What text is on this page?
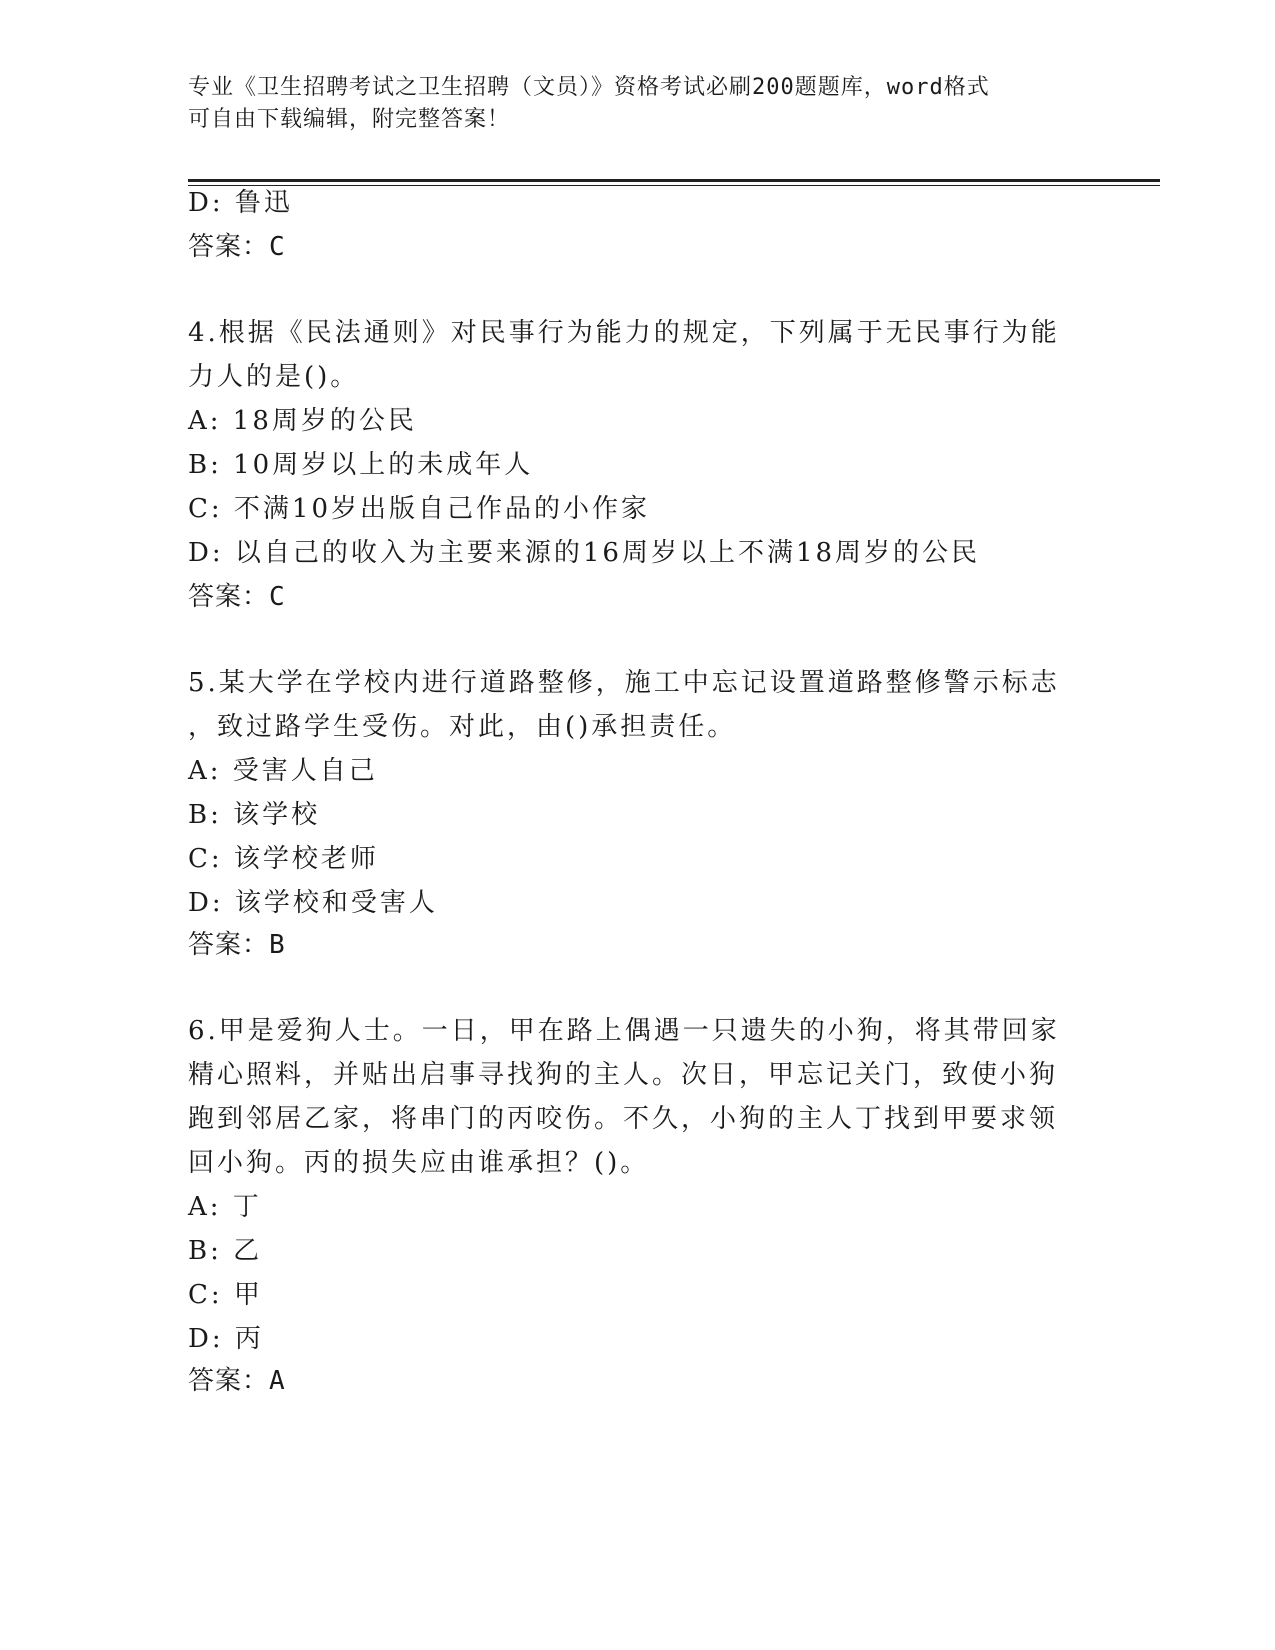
专业《卫生招聘考试之卫生招聘（文员）》资格考试必刷200题题库，word格式
可自由下载编辑，附完整答案！
D: 鲁迅
答案：C
4.根据《民法通则》对民事行为能力的规定，下列属于无民事行为能
力人的是()。
A: 18周岁的公民
B: 10周岁以上的未成年人
C: 不满10岁出版自己作品的小作家
D: 以自己的收入为主要来源的16周岁以上不满18周岁的公民
答案：C
5.某大学在学校内进行道路整修，施工中忘记设置道路整修警示标志
，致过路学生受伤。对此，由()承担责任。
A: 受害人自己
B: 该学校
C: 该学校老师
D: 该学校和受害人
答案：B
6.甲是爱狗人士。一日，甲在路上偶遇一只遗失的小狗，将其带回家
精心照料，并贴出启事寻找狗的主人。次日，甲忘记关门，致使小狗
跑到邻居乙家，将串门的丙咬伤。不久，小狗的主人丁找到甲要求领
回小狗。丙的损失应由谁承担？()。
A: 丁
B: 乙
C: 甲
D: 丙
答案：A
